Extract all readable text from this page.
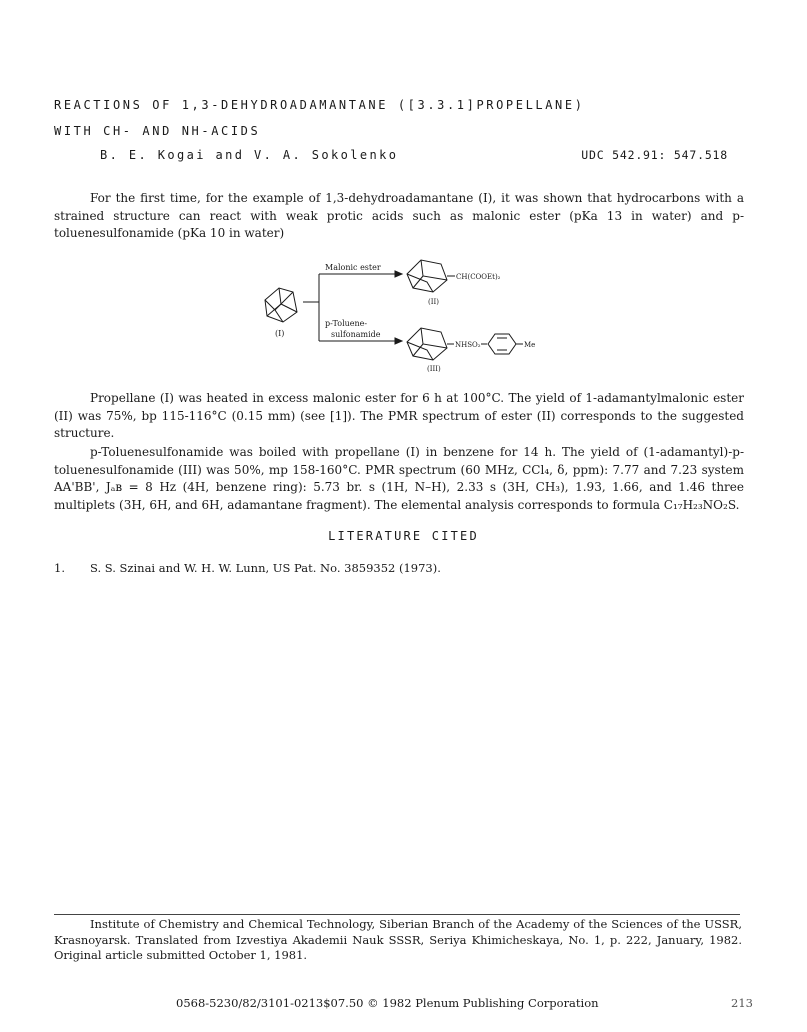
REACTIONS OF 1,3-DEHYDROADAMANTANE ([3.3.1]PROPELLANE)
WITH CH- AND NH-ACIDS
B. E. Kogai and V. A. Sokolenko	UDC 542.91: 547.518
For the first time, for the example of 1,3-dehydroadamantane (I), it was shown that hydrocarbons with a strained structure can react with weak protic acids such as malonic ester (pKa 13 in water) and p-toluenesulfonamide (pKa 10 in water)
(I)
Malonic ester
p-Toluene-
sulfonamide
CH(COOEt)₂
(II)
NHSO₂	Me
(III)
Propellane (I) was heated in excess malonic ester for 6 h at 100°C. The yield of 1-adamantylmalonic ester (II) was 75%, bp 115-116°C (0.15 mm) (see [1]). The PMR spectrum of ester (II) corresponds to the suggested structure.
p-Toluenesulfonamide was boiled with propellane (I) in benzene for 14 h. The yield of (1-adamantyl)-p-toluenesulfonamide (III) was 50%, mp 158-160°C. PMR spectrum (60 MHz, CCl₄, δ, ppm): 7.77 and 7.23 system AA'BB', Jₐʙ = 8 Hz (4H, benzene ring): 5.73 br. s (1H, N–H), 2.33 s (3H, CH₃), 1.93, 1.66, and 1.46 three multiplets (3H, 6H, and 6H, adamantane fragment). The elemental analysis corresponds to formula C₁₇H₂₃NO₂S.
LITERATURE CITED
1.	S. S. Szinai and W. H. W. Lunn, US Pat. No. 3859352 (1973).
Institute of Chemistry and Chemical Technology, Siberian Branch of the Academy of the Sciences of the USSR, Krasnoyarsk. Translated from Izvestiya Akademii Nauk SSSR, Seriya Khimicheskaya, No. 1, p. 222, January, 1982. Original article submitted October 1, 1981.
0568-5230/82/3101-0213$07.50 © 1982 Plenum Publishing Corporation	213
